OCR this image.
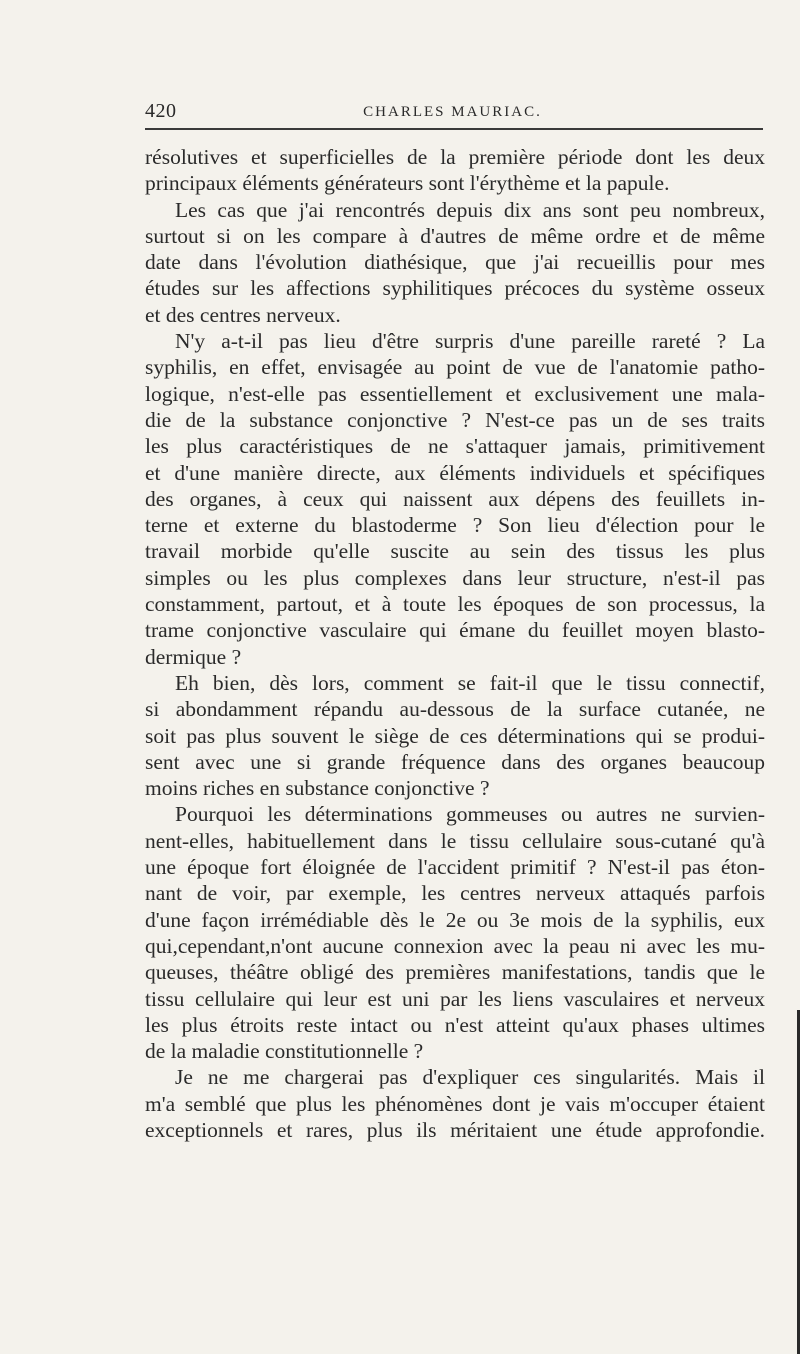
420	CHARLES MAURIAC.
résolutives et superficielles de la première période dont les deux
principaux éléments générateurs sont l'érythème et la papule.
Les cas que j'ai rencontrés depuis dix ans sont peu nombreux,
surtout si on les compare à d'autres de même ordre et de même
date dans l'évolution diathésique, que j'ai recueillis pour mes
études sur les affections syphilitiques précoces du système osseux
et des centres nerveux.
N'y a-t-il pas lieu d'être surpris d'une pareille rareté ? La
syphilis, en effet, envisagée au point de vue de l'anatomie patho-
logique, n'est-elle pas essentiellement et exclusivement une mala-
die de la substance conjonctive ? N'est-ce pas un de ses traits
les plus caractéristiques de ne s'attaquer jamais, primitivement
et d'une manière directe, aux éléments individuels et spécifiques
des organes, à ceux qui naissent aux dépens des feuillets in-
terne et externe du blastoderme ? Son lieu d'élection pour le
travail morbide qu'elle suscite au sein des tissus les plus
simples ou les plus complexes dans leur structure, n'est-il pas
constamment, partout, et à toute les époques de son processus, la
trame conjonctive vasculaire qui émane du feuillet moyen blasto-
dermique ?
Eh bien, dès lors, comment se fait-il que le tissu connectif,
si abondamment répandu au-dessous de la surface cutanée, ne
soit pas plus souvent le siège de ces déterminations qui se produi-
sent avec une si grande fréquence dans des organes beaucoup
moins riches en substance conjonctive ?
Pourquoi les déterminations gommeuses ou autres ne survien-
nent-elles, habituellement dans le tissu cellulaire sous-cutané qu'à
une époque fort éloignée de l'accident primitif ? N'est-il pas éton-
nant de voir, par exemple, les centres nerveux attaqués parfois
d'une façon irrémédiable dès le 2e ou 3e mois de la syphilis, eux
qui,cependant,n'ont aucune connexion avec la peau ni avec les mu-
queuses, théâtre obligé des premières manifestations, tandis que le
tissu cellulaire qui leur est uni par les liens vasculaires et nerveux
les plus étroits reste intact ou n'est atteint qu'aux phases ultimes
de la maladie constitutionnelle ?
Je ne me chargerai pas d'expliquer ces singularités. Mais il
m'a semblé que plus les phénomènes dont je vais m'occuper étaient
exceptionnels et rares, plus ils méritaient une étude approfondie.
